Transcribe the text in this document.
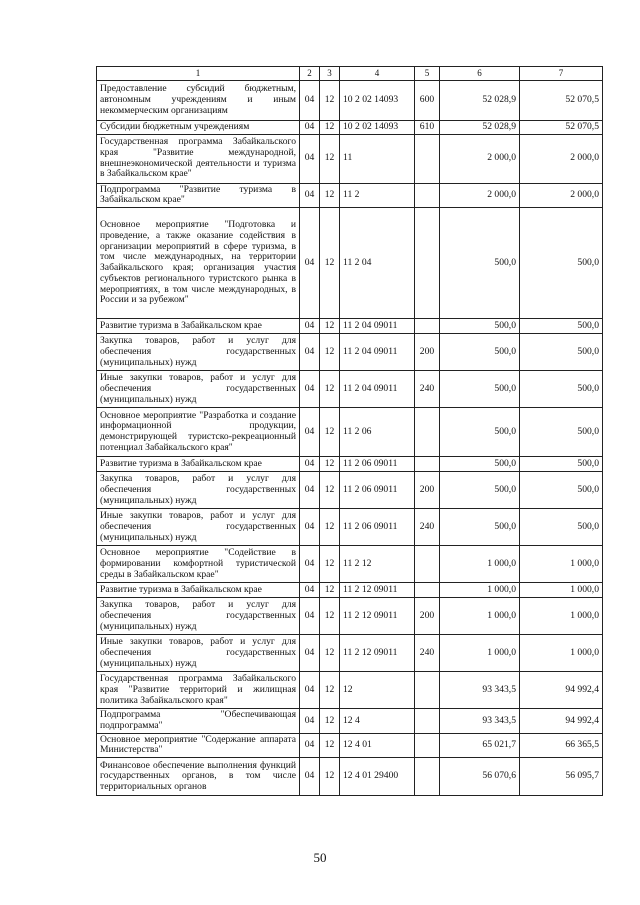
1	2	3	4	5	6	7
Предоставление субсидий бюджетным, автономным учреждениям и иным некоммерческим организациям	04	12	10 2 02 14093	600	52 028,9	52 070,5
Субсидии бюджетным учреждениям	04	12	10 2 02 14093	610	52 028,9	52 070,5
Государственная программа Забайкальского края "Развитие международной, внешнеэкономической деятельности и туризма в Забайкальском крае"	04	12	11		2 000,0	2 000,0
Подпрограмма "Развитие туризма в Забайкальском крае"	04	12	11 2		2 000,0	2 000,0
Основное мероприятие "Подготовка и проведение, а также оказание содействия в организации мероприятий в сфере туризма, в том числе международных, на территории Забайкальского края; организация участия субъектов регионального туристского рынка в мероприятиях, в том числе международных, в России и за рубежом"	04	12	11 2 04		500,0	500,0
Развитие туризма в Забайкальском крае	04	12	11 2 04 09011		500,0	500,0
Закупка товаров, работ и услуг для обеспечения государственных (муниципальных) нужд	04	12	11 2 04 09011	200	500,0	500,0
Иные закупки товаров, работ и услуг для обеспечения государственных (муниципальных) нужд	04	12	11 2 04 09011	240	500,0	500,0
Основное мероприятие "Разработка и создание информационной продукции, демонстрирующей туристско-рекреационный потенциал Забайкальского края"	04	12	11 2 06		500,0	500,0
Развитие туризма в Забайкальском крае	04	12	11 2 06 09011		500,0	500,0
Закупка товаров, работ и услуг для обеспечения государственных (муниципальных) нужд	04	12	11 2 06 09011	200	500,0	500,0
Иные закупки товаров, работ и услуг для обеспечения государственных (муниципальных) нужд	04	12	11 2 06 09011	240	500,0	500,0
Основное мероприятие "Содействие в формировании комфортной туристической среды в Забайкальском крае"	04	12	11 2 12		1 000,0	1 000,0
Развитие туризма в Забайкальском крае	04	12	11 2 12 09011		1 000,0	1 000,0
Закупка товаров, работ и услуг для обеспечения государственных (муниципальных) нужд	04	12	11 2 12 09011	200	1 000,0	1 000,0
Иные закупки товаров, работ и услуг для обеспечения государственных (муниципальных) нужд	04	12	11 2 12 09011	240	1 000,0	1 000,0
Государственная программа Забайкальского края "Развитие территорий и жилищная политика Забайкальского края"	04	12	12		93 343,5	94 992,4
Подпрограмма "Обеспечивающая подпрограмма"	04	12	12 4		93 343,5	94 992,4
Основное мероприятие "Содержание аппарата Министерства"	04	12	12 4 01		65 021,7	66 365,5
Финансовое обеспечение выполнения функций государственных органов, в том числе территориальных органов	04	12	12 4 01 29400		56 070,6	56 095,7
50
